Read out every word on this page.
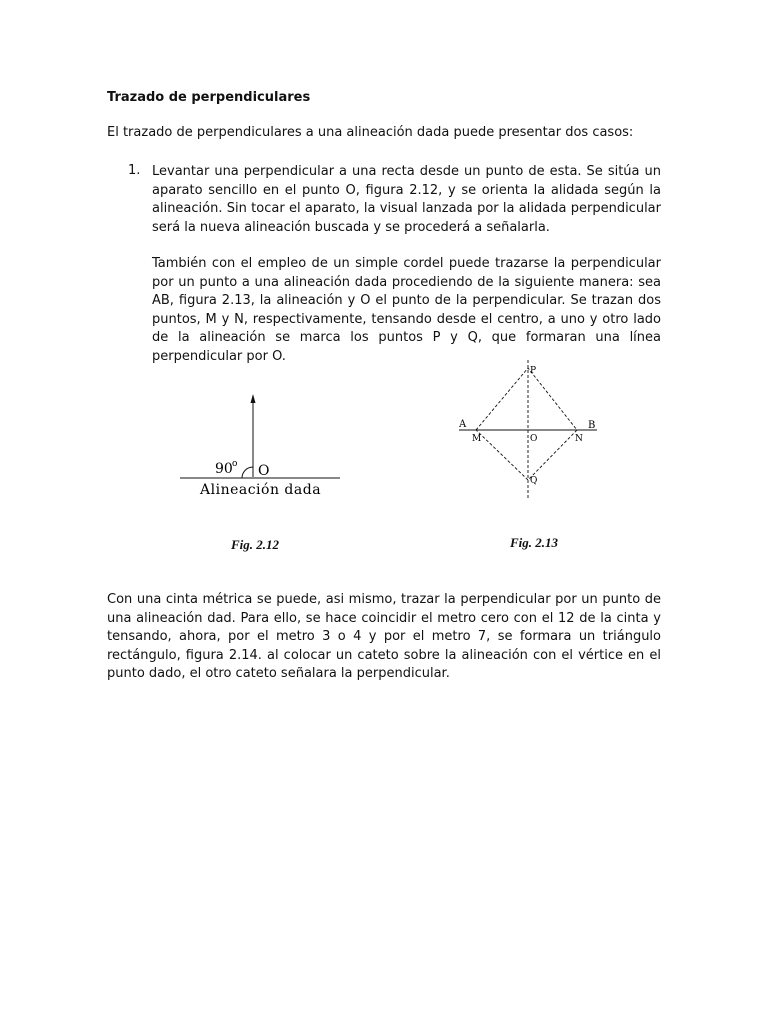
Trazado de perpendiculares

El trazado de perpendiculares a una alineación dada puede presentar dos casos:

1. Levantar una perpendicular a una recta desde un punto de esta. Se sitúa un aparato sencillo en el punto O, figura 2.12, y se orienta la alidada según la alineación. Sin tocar el aparato, la visual lanzada por la alidada perpendicular será la nueva alineación buscada y se procederá a señalarla.

También con el empleo de un simple cordel puede trazarse la perpendicular por un punto a una alineación dada procediendo de la siguiente manera: sea AB, figura 2.13, la alineación y O el punto de la perpendicular. Se trazan dos puntos, M y N, respectivamente, tensando desde el centro, a uno y otro lado de la alineación se marca los puntos P y Q, que formaran una línea perpendicular por O.

90 o O
Alineación dada
Fig. 2.12
A	B
M	N
O
P
Q
Fig. 2.13

Con una cinta métrica se puede, asi mismo, trazar la perpendicular por un punto de una alineación dad. Para ello, se hace coincidir el metro cero con el 12 de la cinta y tensando, ahora, por el metro 3 o 4 y por el metro 7, se formara un triángulo rectángulo, figura 2.14. al colocar un cateto sobre la alineación con el vértice en el punto dado, el otro cateto señalara la perpendicular.
